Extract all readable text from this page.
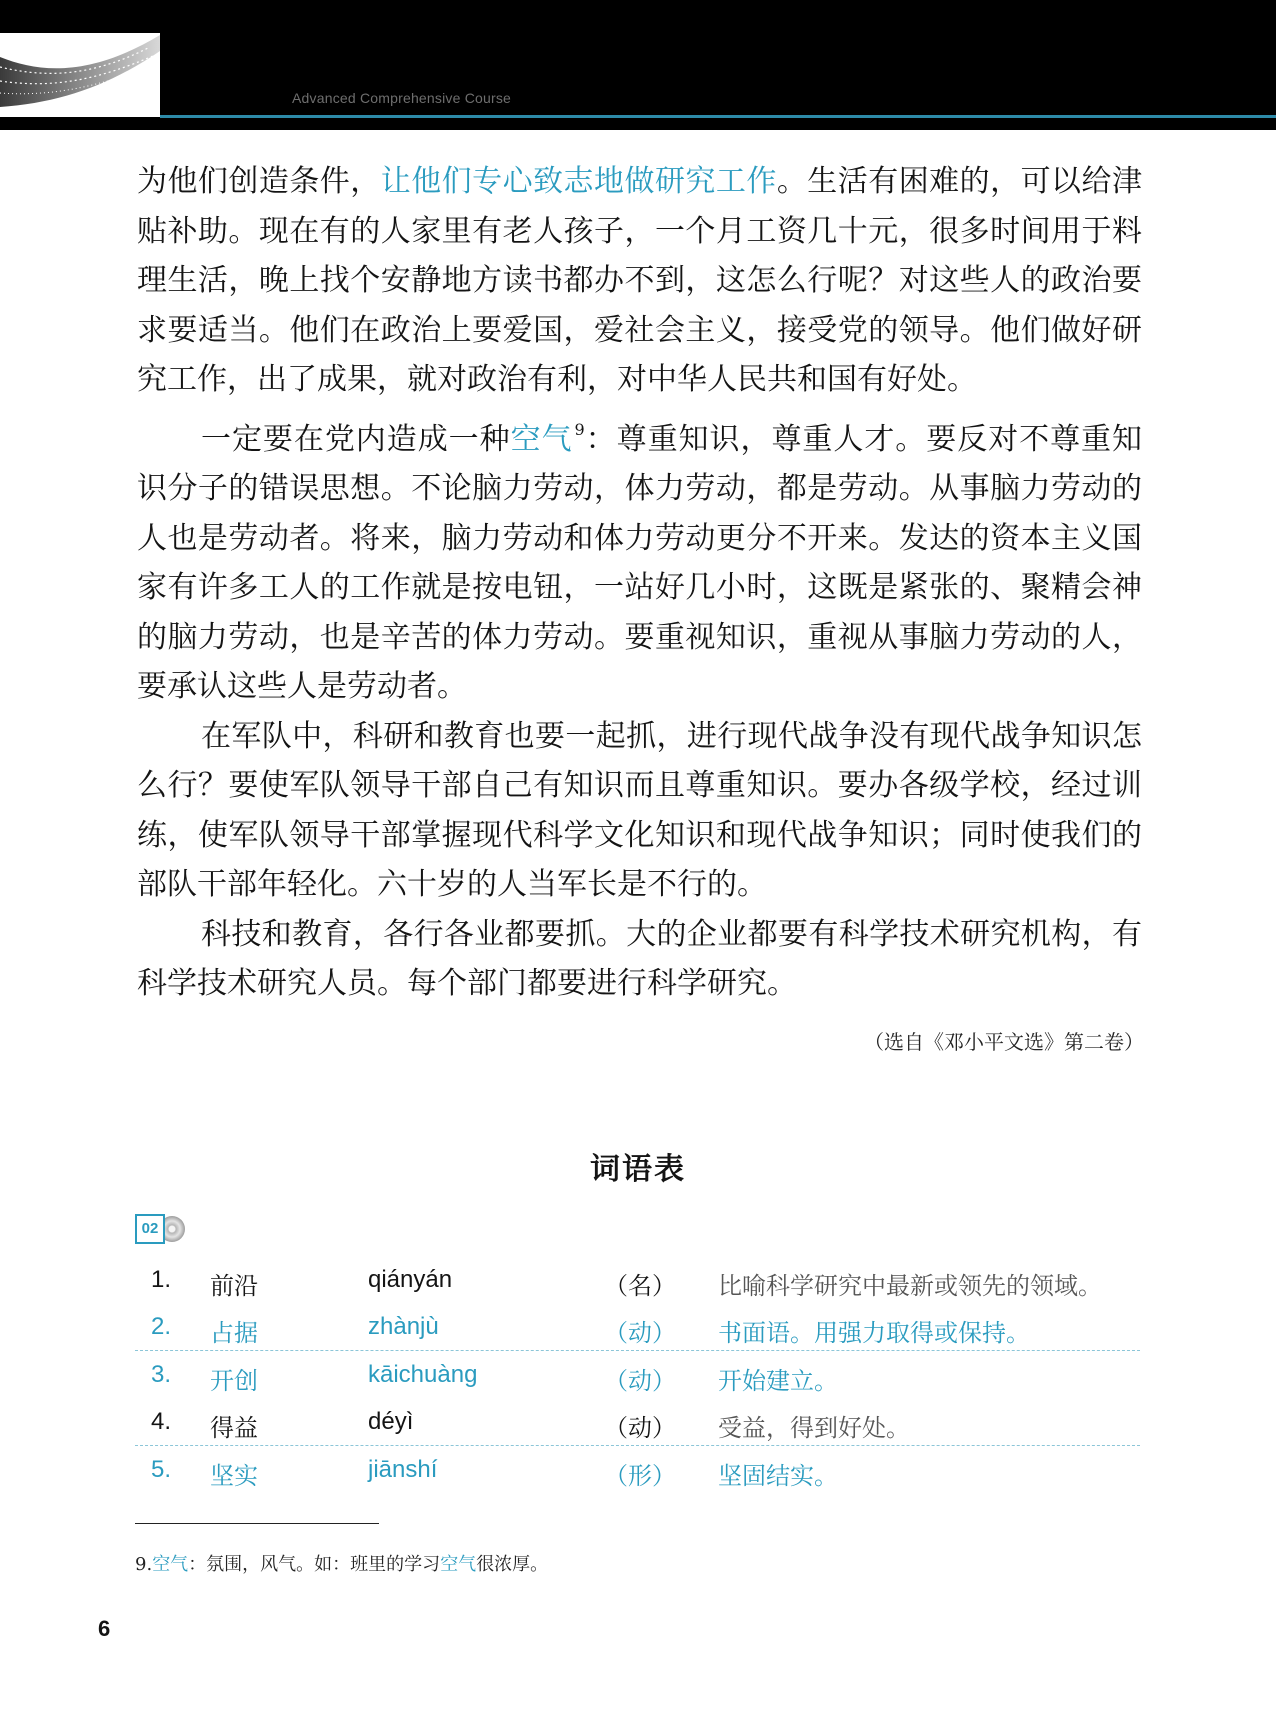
Advanced Comprehensive Course

为他们创造条件，让他们专心致志地做研究工作。生活有困难的，可以给津贴补助。现在有的人家里有老人孩子，一个月工资几十元，很多时间用于料理生活，晚上找个安静地方读书都办不到，这怎么行呢？对这些人的政治要求要适当。他们在政治上要爱国，爱社会主义，接受党的领导。他们做好研究工作，出了成果，就对政治有利，对中华人民共和国有好处。

一定要在党内造成一种空气 $^9$：尊重知识，尊重人才。要反对不尊重知识分子的错误思想。不论脑力劳动，体力劳动，都是劳动。从事脑力劳动的人也是劳动者。将来，脑力劳动和体力劳动更分不开来。发达的资本主义国家有许多工人的工作就是按电钮，一站好几小时，这既是紧张的、聚精会神的脑力劳动，也是辛苦的体力劳动。要重视知识，重视从事脑力劳动的人，要承认这些人是劳动者。

在军队中，科研和教育也要一起抓，进行现代战争没有现代战争知识怎么行？要使军队领导干部自己有知识而且尊重知识。要办各级学校，经过训练，使军队领导干部掌握现代科学文化知识和现代战争知识；同时使我们的部队干部年轻化。六十岁的人当军长是不行的。

科技和教育，各行各业都要抓。大的企业都要有科学技术研究机构，有科学技术研究人员。每个部门都要进行科学研究。

（选自《邓小平文选》第二卷）
词语表
02
1. 前沿	qiányán	（名） 比喻科学研究中最新或领先的领域。
2. 占据	zhànjù	（动） 书面语。用强力取得或保持。
3. 开创	kāichuàng	（动） 开始建立。
4. 得益	déyì	（动） 受益，得到好处。
5. 坚实	jiānshí	（形） 坚固结实。
9.空气：氛围，风气。如：班里的学习空气很浓厚。
6
